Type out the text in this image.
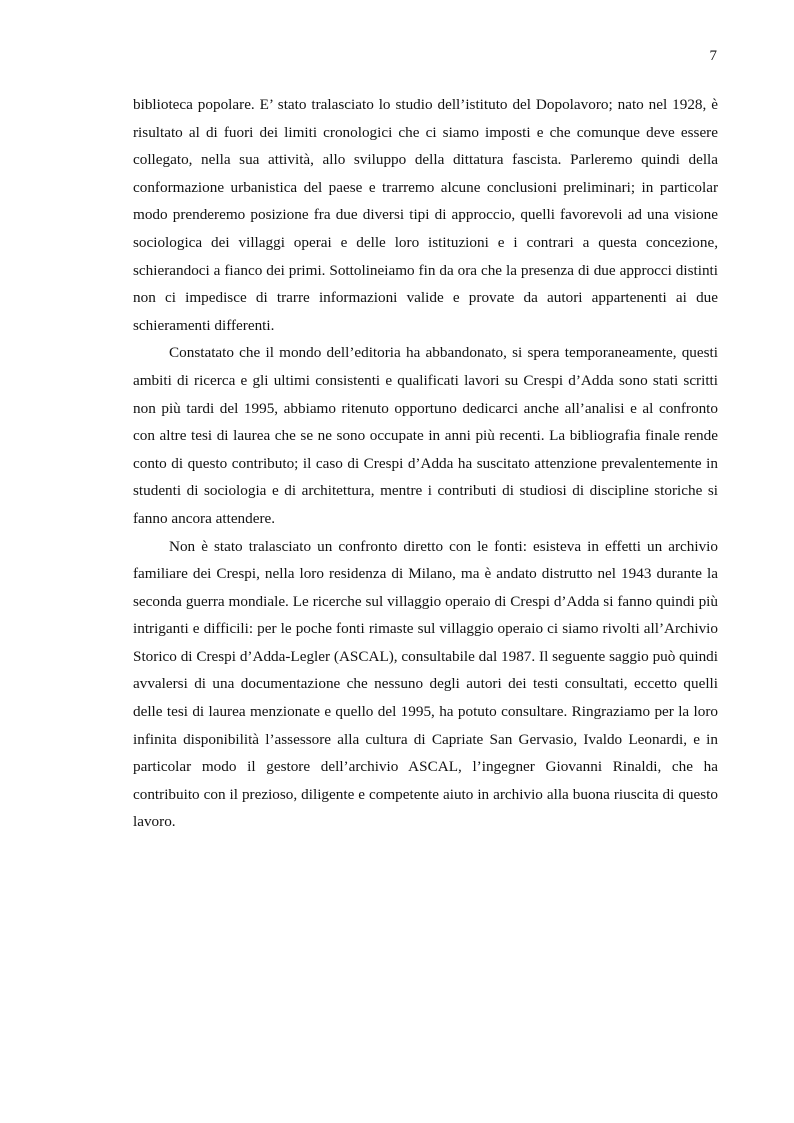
7

biblioteca popolare. E’ stato tralasciato lo studio dell’istituto del Dopolavoro; nato nel 1928, è risultato al di fuori dei limiti cronologici che ci siamo imposti e che comunque deve essere collegato, nella sua attività, allo sviluppo della dittatura fascista. Parleremo quindi della conformazione urbanistica del paese e trarremo alcune conclusioni preliminari; in particolar modo prenderemo posizione fra due diversi tipi di approccio, quelli favorevoli ad una visione sociologica dei villaggi operai e delle loro istituzioni e i contrari a questa concezione, schierandoci a fianco dei primi. Sottolineiamo fin da ora che la presenza di due approcci distinti non ci impedisce di trarre informazioni valide e provate da autori appartenenti ai due schieramenti differenti.

Constatato che il mondo dell’editoria ha abbandonato, si spera temporaneamente, questi ambiti di ricerca e gli ultimi consistenti e qualificati lavori su Crespi d’Adda sono stati scritti non più tardi del 1995, abbiamo ritenuto opportuno dedicarci anche all’analisi e al confronto con altre tesi di laurea che se ne sono occupate in anni più recenti. La bibliografia finale rende conto di questo contributo; il caso di Crespi d’Adda ha suscitato attenzione prevalentemente in studenti di sociologia e di architettura, mentre i contributi di studiosi di discipline storiche si fanno ancora attendere.

Non è stato tralasciato un confronto diretto con le fonti: esisteva in effetti un archivio familiare dei Crespi, nella loro residenza di Milano, ma è andato distrutto nel 1943 durante la seconda guerra mondiale. Le ricerche sul villaggio operaio di Crespi d’Adda si fanno quindi più intriganti e difficili: per le poche fonti rimaste sul villaggio operaio ci siamo rivolti all’Archivio Storico di Crespi d’Adda-Legler (ASCAL), consultabile dal 1987. Il seguente saggio può quindi avvalersi di una documentazione che nessuno degli autori dei testi consultati, eccetto quelli delle tesi di laurea menzionate e quello del 1995, ha potuto consultare. Ringraziamo per la loro infinita disponibilità l’assessore alla cultura di Capriate San Gervasio, Ivaldo Leonardi, e in particolar modo il gestore dell’archivio ASCAL, l’ingegner Giovanni Rinaldi, che ha contribuito con il prezioso, diligente e competente aiuto in archivio alla buona riuscita di questo lavoro.
